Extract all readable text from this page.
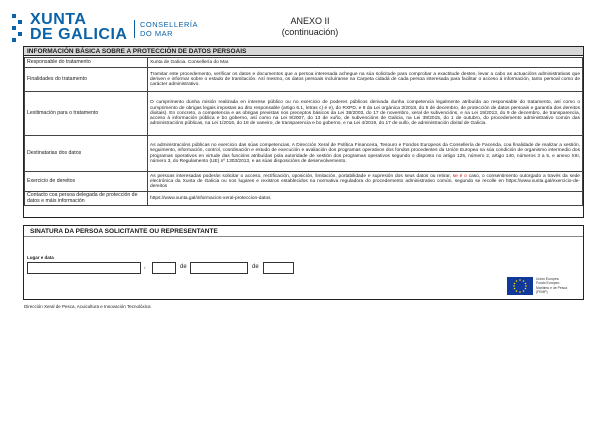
XUNTA
DE GALICIA
CONSELLERÍA
DO MAR
ANEXO II
(continuación)
INFORMACIÓN BÁSICA SOBRE A PROTECCIÓN DE DATOS PERSOAIS
Responsable do tratamento	Xunta de Galicia. Consellería do Mar.
Finalidades do tratamento	Tramitar este procedemento, verificar os datos e documentos que a persoa interesada achegue na súa solicitude para comprobar a exactitude destes, levar a cabo as actuacións administrativas que deriven e informar sobre o estado de tramitación. Así mesmo, os datos persoais incluíranse na Carpeta cidadá de cada persoa interesada para facilitar o acceso á información, tanto persoal como de carácter administrativo.
Lexitimación para o tratamento	O cumprimento dunha misión realizada en interese público ou no exercicio de poderes públicos derivada dunha competencia legalmente atribuída ao responsable do tratamento, así como o cumprimento de obrigas legais impostas ao dito responsable (artigo 6.1, letras c) e e), do RXPD, e 8 da Lei orgánica 3/2018, do 5 de decembro, de protección de datos persoais e garantía dos dereitos dixitais). En concreto, a competencia e as obrigas previstas nos preceptos básicos da Lei 38/2003, do 17 de novembro, xeral de subvencións, e na Lei 19/2013, do 9 de decembro, de transparencia, acceso á información pública e bo goberno, así como na Lei 9/2007, do 13 de xuño, de subvencións de Galicia, na Lei 39/2015, do 1 de outubro, do procedemento administrativo común das administracións públicas, na Lei 1/2016, do 18 de xaneiro, de transparencia e bo goberno, e na Lei 4/2019, do 17 de xullo, de administración dixital de Galicia.
Destinatarias dos datos	As administracións públicas no exercicio das súas competencias. A Dirección Xeral de Política Financeira, Tesouro e Fondos Europeos da Consellería de Facenda, coa finalidade de realizar a xestión, seguimento, información, control, coordinación e estudo de execución e avaliación dos programas operativos dos fondos procedentes da Unión Europea na súa condición de organismo intermedio dos programas operativos en virtude das funcións atribuídas pola autoridade de xestión dos programas operativos segundo o disposto no artigo 125, número 2, artigo 140, números 3 a 5, e anexo XIII, número 3, do Regulamento (UE) nº 1303/2013, e as súas disposicións de desenvolvemento.
Exercicio de dereitos	As persoas interesadas poderán solicitar o acceso, rectificación, oposición, limitación, portabilidade e supresión dos seus datos ou retirar, se é o caso, o consentimento outorgado a través da sede electrónica da Xunta de Galicia ou nos lugares e rexistros establecidos na normativa reguladora do procedemento administrativo común, segundo se recolle en https://www.xunta.gal/exercicio-de-dereitos
Contacto coa persoa delegada de protección de datos e máis información	https://www.xunta.gal/informacion-xeral-proteccion-datos
SINATURA DA PERSOA SOLICITANTE OU REPRESENTANTE
Lugar e data
,	de	de
Unión Europea
Fondo Europeo
Marítimo e de Pesca
(FEMP)
Dirección Xeral de Pesca, Acuicultura e Innovación Tecnolóxica
